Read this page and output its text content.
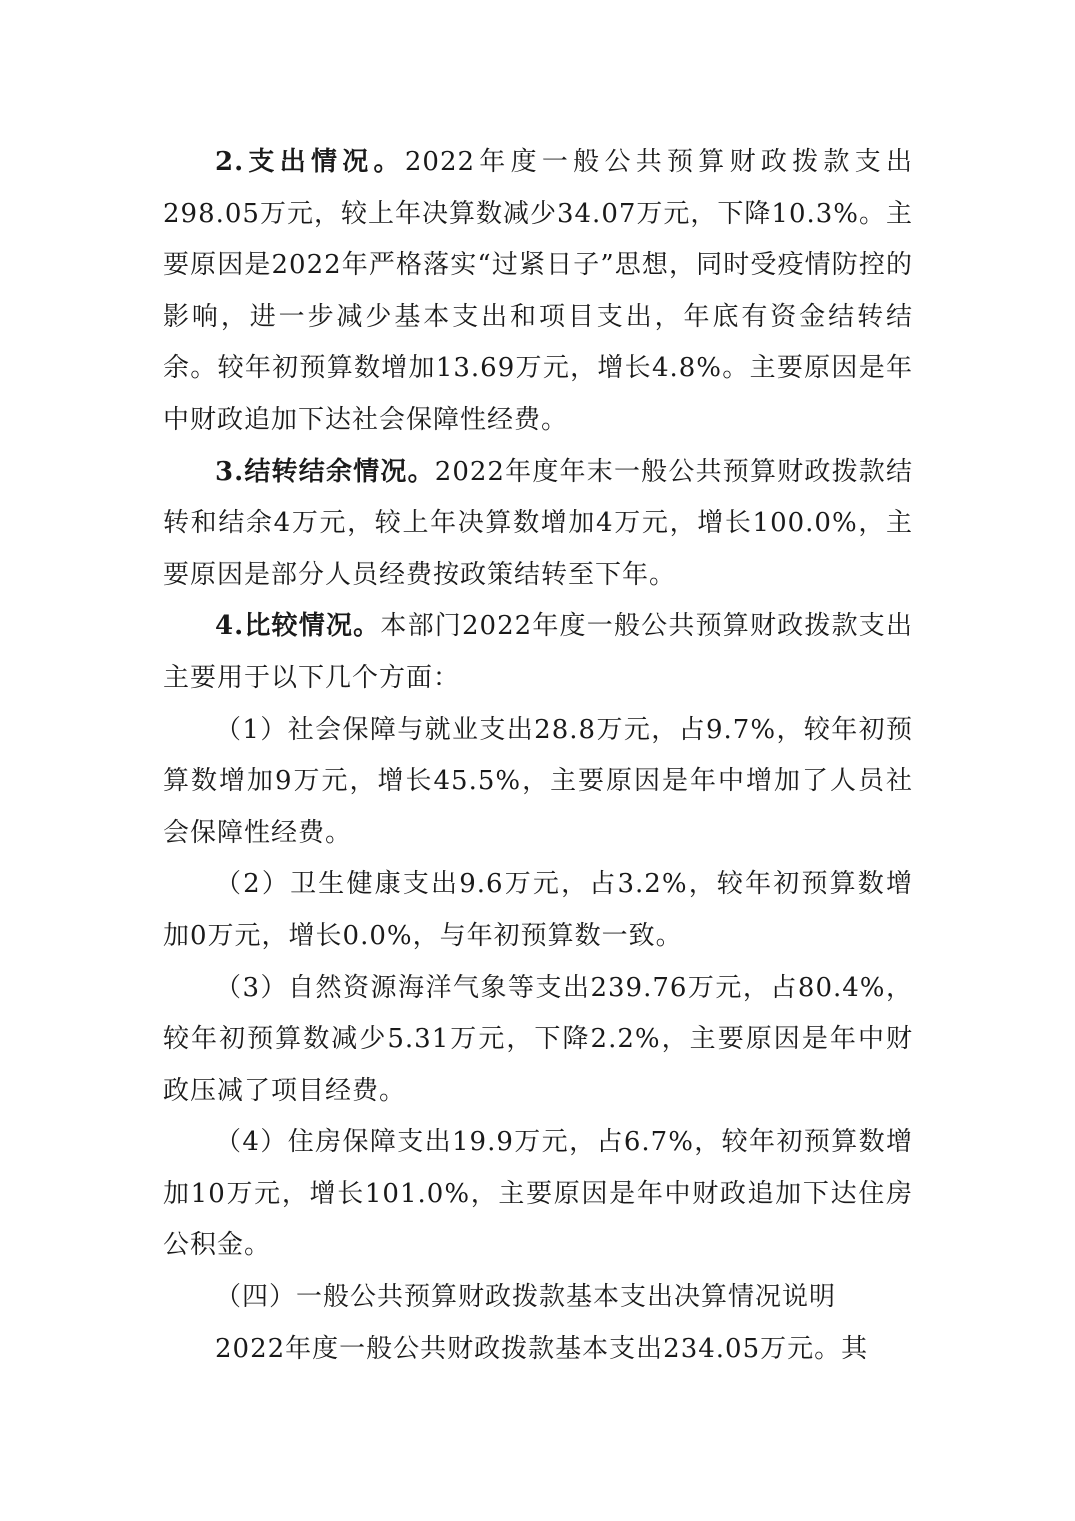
2.支出情况。2022年度一般公共预算财政拨款支出298.05万元，较上年决算数减少34.07万元，下降10.3%。主要原因是2022年严格落实“过紧日子”思想，同时受疫情防控的影响，进一步减少基本支出和项目支出，年底有资金结转结余。较年初预算数增加13.69万元，增长4.8%。主要原因是年中财政追加下达社会保障性经费。

3.结转结余情况。2022年度年末一般公共预算财政拨款结转和结余4万元，较上年决算数增加4万元，增长100.0%，主要原因是部分人员经费按政策结转至下年。

4.比较情况。本部门2022年度一般公共预算财政拨款支出主要用于以下几个方面：

（1）社会保障与就业支出28.8万元，占9.7%，较年初预算数增加9万元，增长45.5%，主要原因是年中增加了人员社会保障性经费。

（2）卫生健康支出9.6万元，占3.2%，较年初预算数增加0万元，增长0.0%，与年初预算数一致。

（3）自然资源海洋气象等支出239.76万元，占80.4%，较年初预算数减少5.31万元，下降2.2%，主要原因是年中财政压减了项目经费。

（4）住房保障支出19.9万元，占6.7%，较年初预算数增加10万元，增长101.0%，主要原因是年中财政追加下达住房公积金。

（四）一般公共预算财政拨款基本支出决算情况说明

2022年度一般公共财政拨款基本支出234.05万元。其
